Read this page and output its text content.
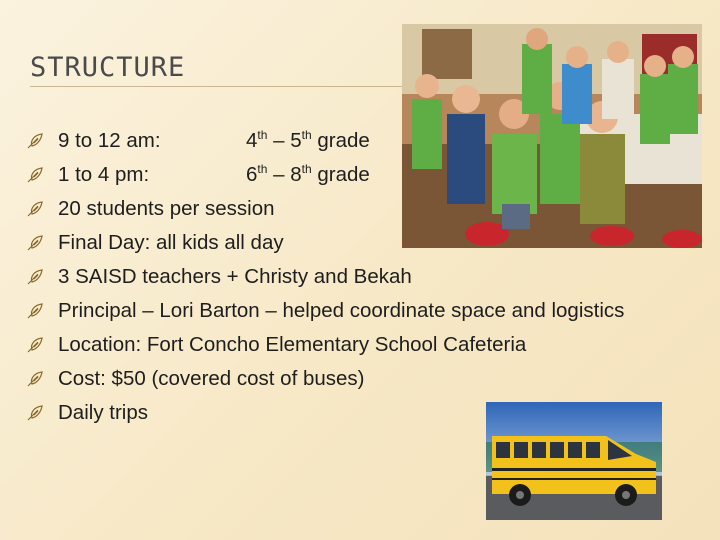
STRUCTURE
9 to 12 am:	4th – 5th grade
1 to 4 pm:	6th – 8th grade
20 students per session
Final Day: all kids all day
3 SAISD teachers + Christy and Bekah
Principal – Lori Barton – helped coordinate space and logistics
Location: Fort Concho Elementary School Cafeteria
Cost: $50 (covered cost of buses)
Daily trips
